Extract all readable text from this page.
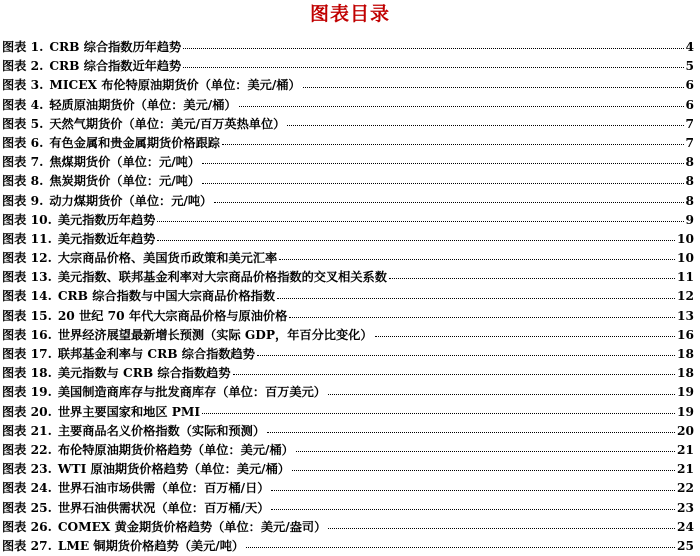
图表目录
图表 1. CRB 综合指数历年趋势	4
图表 2. CRB 综合指数近年趋势	5
图表 3. MICEX 布伦特原油期货价（单位：美元/桶）	6
图表 4. 轻质原油期货价（单位：美元/桶）	6
图表 5. 天然气期货价（单位：美元/百万英热单位）	7
图表 6. 有色金属和贵金属期货价格跟踪	7
图表 7. 焦煤期货价（单位：元/吨）	8
图表 8. 焦炭期货价（单位：元/吨）	8
图表 9. 动力煤期货价（单位：元/吨）	8
图表 10. 美元指数历年趋势	9
图表 11. 美元指数近年趋势	10
图表 12. 大宗商品价格、美国货币政策和美元汇率	10
图表 13. 美元指数、联邦基金利率对大宗商品价格指数的交叉相关系数	11
图表 14. CRB 综合指数与中国大宗商品价格指数	12
图表 15. 20 世纪 70 年代大宗商品价格与原油价格	13
图表 16. 世界经济展望最新增长预测（实际 GDP，年百分比变化）	16
图表 17. 联邦基金利率与 CRB 综合指数趋势	18
图表 18. 美元指数与 CRB 综合指数趋势	18
图表 19. 美国制造商库存与批发商库存（单位：百万美元）	19
图表 20. 世界主要国家和地区 PMI	19
图表 21. 主要商品名义价格指数（实际和预测）	20
图表 22. 布伦特原油期货价格趋势（单位：美元/桶）	21
图表 23. WTI 原油期货价格趋势（单位：美元/桶）	21
图表 24. 世界石油市场供需（单位：百万桶/日）	22
图表 25. 世界石油供需状况（单位：百万桶/天）	23
图表 26. COMEX 黄金期货价格趋势（单位：美元/盎司）	24
图表 27. LME 铜期货价格趋势（美元/吨）	25
